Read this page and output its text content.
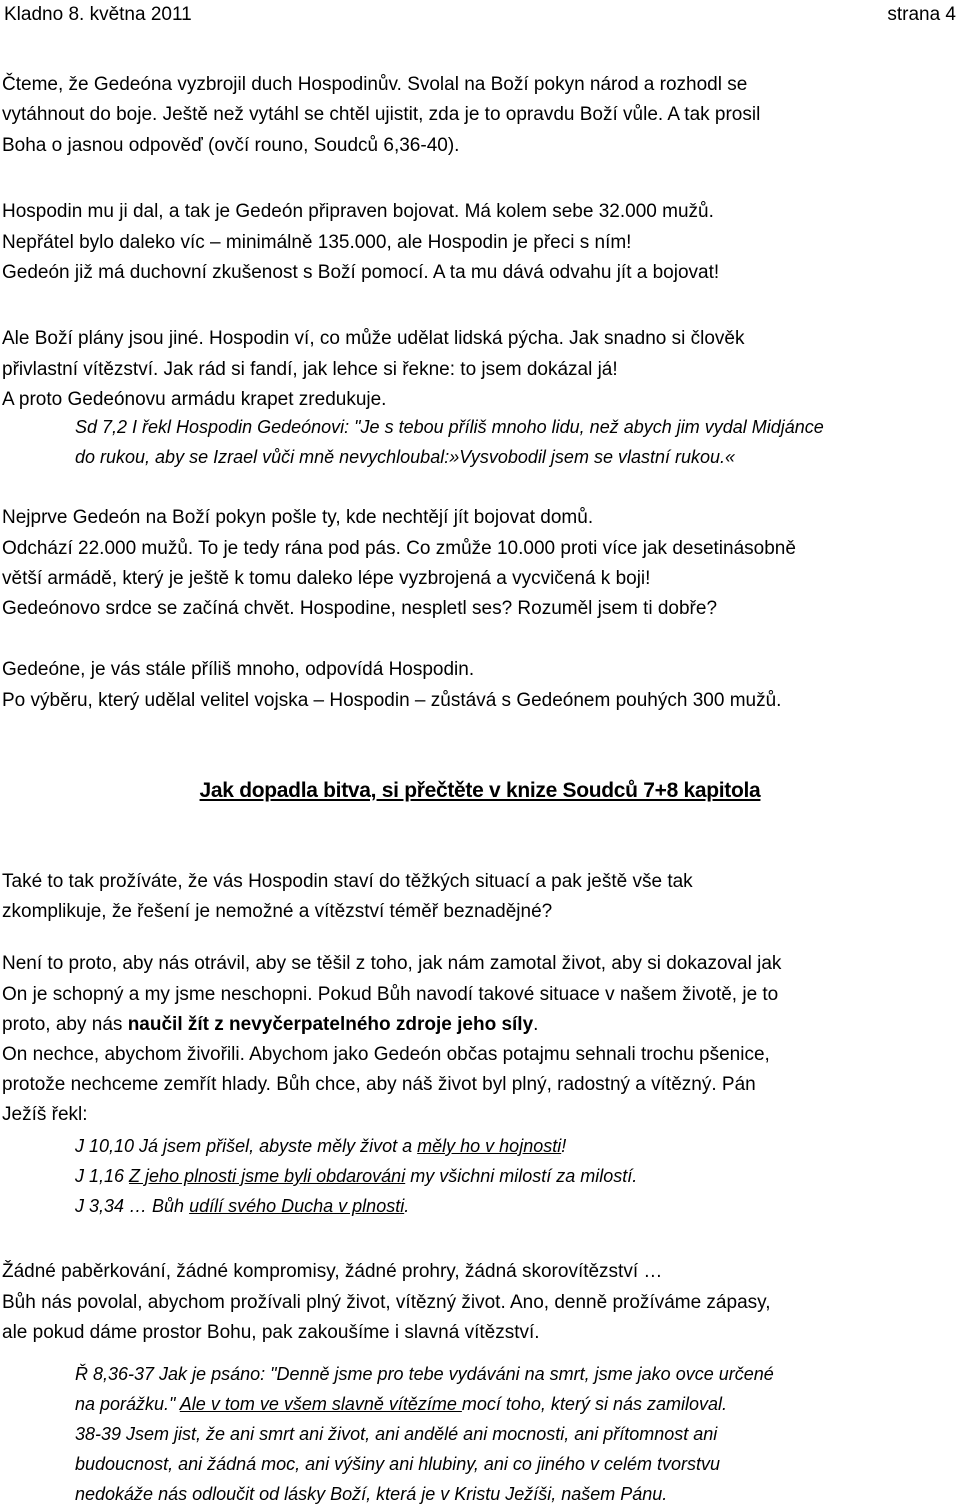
Kladno 8. května 2011	strana 4
Čteme, že Gedeóna vyzbrojil duch Hospodinův. Svolal na Boží pokyn národ a rozhodl se
vytáhnout do boje. Ještě než vytáhl se chtěl ujistit, zda je to opravdu Boží vůle. A tak prosil
Boha o jasnou odpověď (ovčí rouno, Soudců 6,36-40).
Hospodin mu ji dal, a tak je Gedeón připraven bojovat. Má kolem sebe 32.000 mužů.
Nepřátel bylo daleko víc – minimálně 135.000, ale Hospodin je přeci s ním!
Gedeón již má duchovní zkušenost s Boží pomocí. A ta mu dává odvahu jít a bojovat!
Ale Boží plány jsou jiné. Hospodin ví, co může udělat lidská pýcha. Jak snadno si člověk
přivlastní vítězství. Jak rád si fandí, jak lehce si řekne: to jsem dokázal já!
A proto Gedeónovu armádu krapet zredukuje.
Sd 7,2 I řekl Hospodin Gedeónovi: "Je s tebou příliš mnoho lidu, než abych jim vydal Midjánce
do rukou, aby se Izrael vůči mně nevychloubal:»Vysvobodil jsem se vlastní rukou.«
Nejprve Gedeón na Boží pokyn pošle ty, kde nechtějí jít bojovat domů.
Odchází 22.000 mužů. To je tedy rána pod pás. Co zmůže 10.000 proti více jak desetinásobně
větší armádě, který je ještě k tomu daleko lépe vyzbrojená a vycvičená k boji!
Gedeónovo srdce se začíná chvět. Hospodine, nespletl ses? Rozuměl jsem ti dobře?
Gedeóne, je vás stále příliš mnoho, odpovídá Hospodin.
Po výběru, který udělal velitel vojska – Hospodin – zůstává s Gedeónem pouhých 300 mužů.
Jak dopadla bitva, si přečtěte v knize Soudců 7+8 kapitola
Také to tak prožíváte, že vás Hospodin staví do těžkých situací a pak ještě vše tak
zkomplikuje, že řešení je nemožné a vítězství téměř beznadějné?
Není to proto, aby nás otrávil, aby se těšil z toho, jak nám zamotal život, aby si dokazoval jak
On je schopný a my jsme neschopni. Pokud Bůh navodí takové situace v našem životě, je to
proto, aby nás naučil žít z nevyčerpatelného zdroje jeho síly.
On nechce, abychom živořili. Abychom jako Gedeón občas potajmu sehnali trochu pšenice,
protože nechceme zemřít hlady. Bůh chce, aby náš život byl plný, radostný a vítězný. Pán
Ježíš řekl:
J 10,10 Já jsem přišel, abyste měly život a měly ho v hojnosti!
J 1,16 Z jeho plnosti jsme byli obdarováni my všichni milostí za milostí.
J 3,34 … Bůh udílí svého Ducha v plnosti.
Žádné paběrkování, žádné kompromisy, žádné prohry, žádná skorovítězství …
Bůh nás povolal, abychom prožívali plný život, vítězný život. Ano, denně prožíváme zápasy,
ale pokud dáme prostor Bohu, pak zakoušíme i slavná vítězství.
Ř 8,36-37 Jak je psáno: "Denně jsme pro tebe vydáváni na smrt, jsme jako ovce určené
na porážku." Ale v tom ve všem slavně vítězíme mocí toho, který si nás zamiloval.
38-39 Jsem jist, že ani smrt ani život, ani andělé ani mocnosti, ani přítomnost ani
budoucnost, ani žádná moc, ani výšiny ani hlubiny, ani co jiného v celém tvorstvu
nedokáže nás odloučit od lásky Boží, která je v Kristu Ježíši, našem Pánu.
